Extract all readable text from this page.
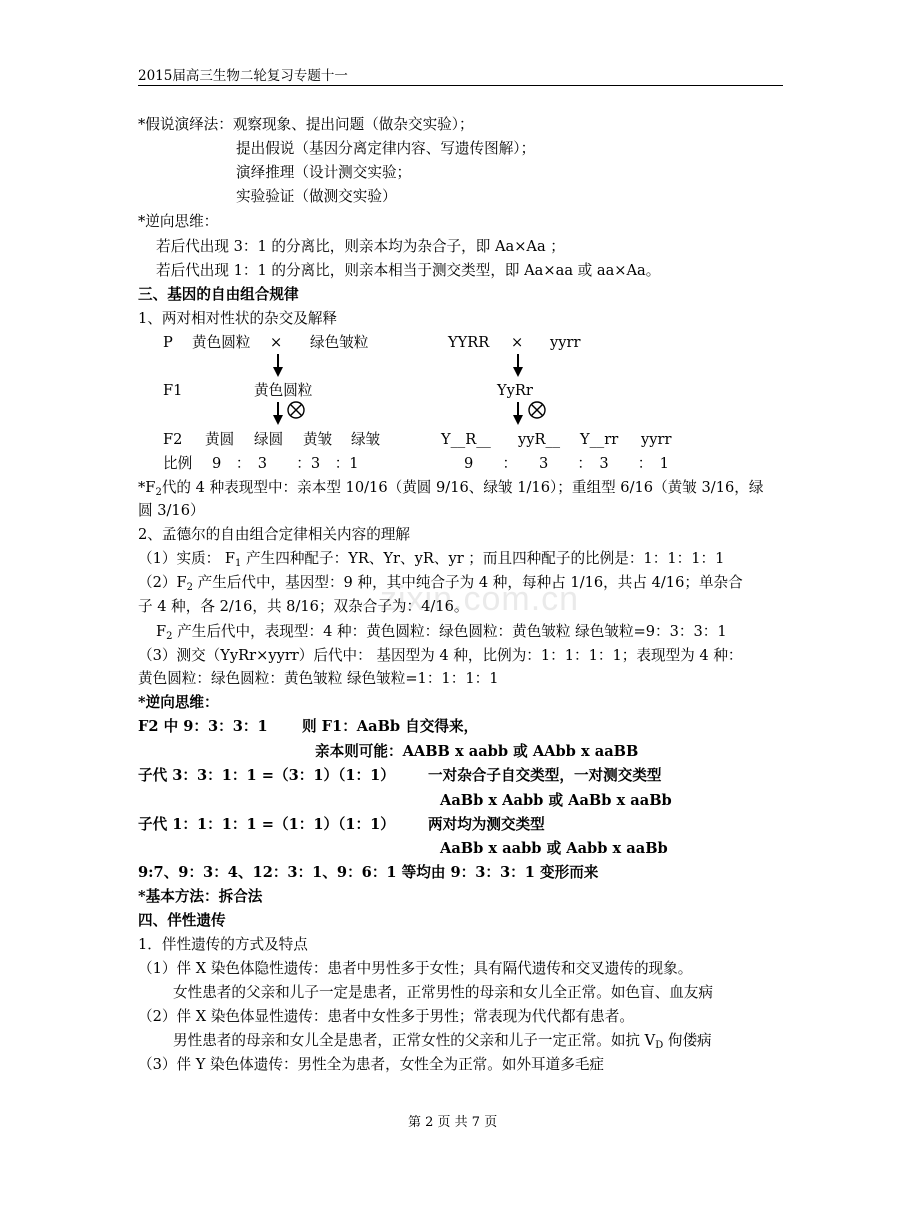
2015届高三生物二轮复习专题十一
zixin.com.cn
*假说演绎法：观察现象、提出问题（做杂交实验）；
提出假说（基因分离定律内容、写遗传图解）；
演绎推理（设计测交实验；
实验验证（做测交实验）
*逆向思维：
若后代出现 3：1 的分离比，则亲本均为杂合子，即 Aa×Aa ；
若后代出现 1：1 的分离比，则亲本相当于测交类型，即 Aa×aa 或 aa×Aa。
三、基因的自由组合规律
1、两对相对性状的杂交及解释
P 黄色圆粒 × 绿色皱粒	YYRR × yyrr
F1	黄色圆粒	YyRr
F2 黄圆 绿圆 黄皱 绿皱	Y__R__ yyR__ Y__rr yyrr
比例 9　：　3　　：3　：1	9　　：　　3　　：　3　　：　1
$*F_2$代的 4 种表现型中：亲本型 10/16（黄圆 9/16、绿皱 1/16）；重组型 6/16（黄皱 3/16，绿
圆 3/16）
2、孟德尔的自由组合定律相关内容的理解
（1）实质： $F_1$ 产生四种配子：YR、Yr、yR、yr ；而且四种配子的比例是：1：1：1：1
$(2)F_2$ 产生后代中，基因型：9 种，其中纯合子为 4 种，每种占 1/16，共占 4/16；单杂合
子 4 种，各 2/16，共 8/16；双杂合子为：4/16。
$F_2$ 产生后代中，表现型：4 种：黄色圆粒：绿色圆粒：黄色皱粒 绿色皱粒=9：3：3：1
（3）测交（YyRr×yyrr）后代中： 基因型为 4 种，比例为：1：1：1：1；表现型为 4 种：
黄色圆粒：绿色圆粒：黄色皱粒 绿色皱粒=1：1：1：1
*逆向思维：
F2 中 9：3：3：1 则 F1：AaBb 自交得来，
亲本则可能：AABB x aabb 或 AAbb x aaBB
子代 3：3：1：1 =（3：1）（1：1） 一对杂合子自交类型，一对测交类型
AaBb x Aabb 或 AaBb x aaBb
子代 1：1：1：1 =（1：1）（1：1） 两对均为测交类型
AaBb x aabb 或 Aabb x aaBb
9:7、9：3：4、12：3：1、9：6：1 等均由 9：3：3：1 变形而来
*基本方法：拆合法
四、伴性遗传
1．伴性遗传的方式及特点
（1）伴 X 染色体隐性遗传：患者中男性多于女性；具有隔代遗传和交叉遗传的现象。
女性患者的父亲和儿子一定是患者，正常男性的母亲和女儿全正常。如色盲、血友病
（2）伴 X 染色体显性遗传：患者中女性多于男性；常表现为代代都有患者。
男性患者的母亲和女儿全是患者，正常女性的父亲和儿子一定正常。如抗 $V_D$ 佝偻病
（3）伴 Y 染色体遗传：男性全为患者，女性全为正常。如外耳道多毛症
第 2 页 共 7 页
